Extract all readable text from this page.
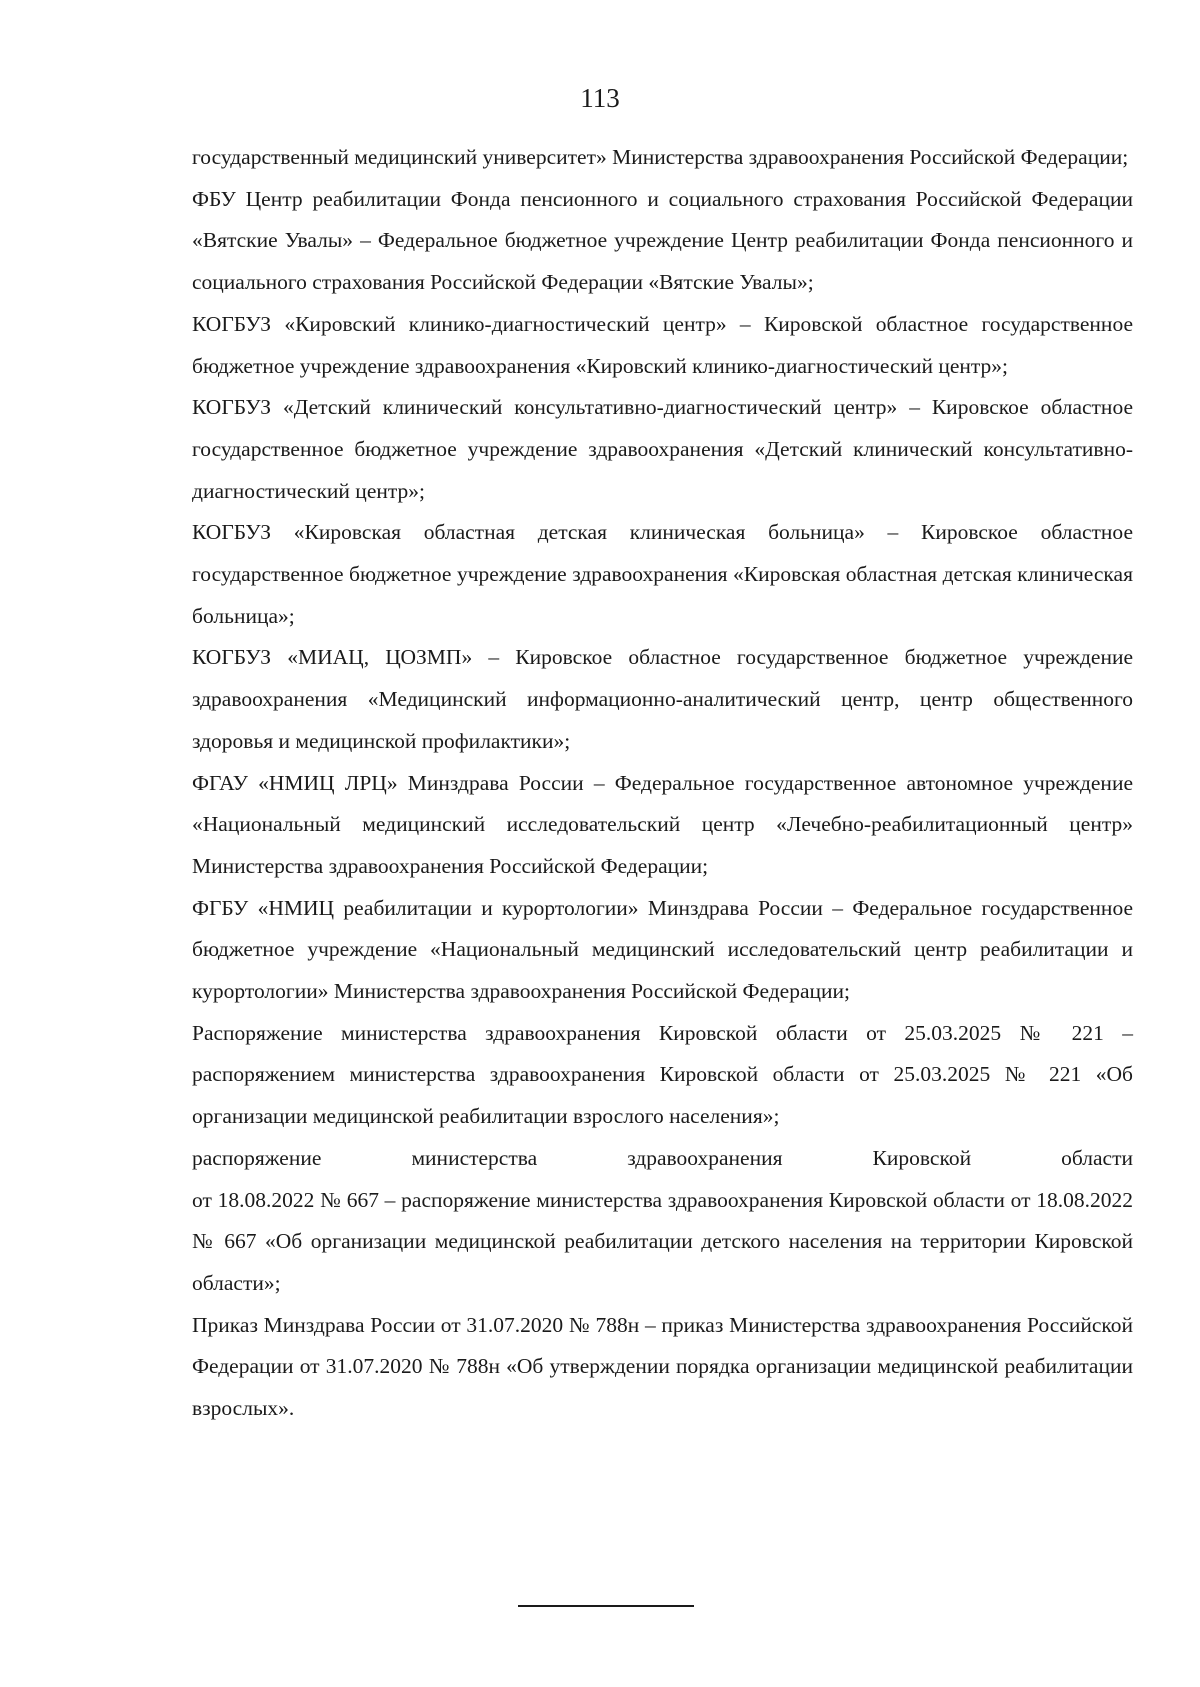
113

государственный медицинский университет» Министерства здравоохранения Российской Федерации;

ФБУ Центр реабилитации Фонда пенсионного и социального страхования Российской Федерации «Вятские Увалы» – Федеральное бюджетное учреждение Центр реабилитации Фонда пенсионного и социального страхования Российской Федерации «Вятские Увалы»;

КОГБУЗ «Кировский клинико-диагностический центр» – Кировской областное государственное бюджетное учреждение здравоохранения «Кировский клинико-диагностический центр»;

КОГБУЗ «Детский клинический консультативно-диагностический центр» – Кировское областное государственное бюджетное учреждение здравоохранения «Детский клинический консультативно-диагностический центр»;

КОГБУЗ «Кировская областная детская клиническая больница» – Кировское областное государственное бюджетное учреждение здравоохранения «Кировская областная детская клиническая больница»;

КОГБУЗ «МИАЦ, ЦОЗМП» – Кировское областное государственное бюджетное учреждение здравоохранения «Медицинский информационно-аналитический центр, центр общественного здоровья и медицинской профилактики»;

ФГАУ «НМИЦ ЛРЦ» Минздрава России – Федеральное государственное автономное учреждение «Национальный медицинский исследовательский центр «Лечебно-реабилитационный центр» Министерства здравоохранения Российской Федерации;

ФГБУ «НМИЦ реабилитации и курортологии» Минздрава России – Федеральное государственное бюджетное учреждение «Национальный медицинский исследовательский центр реабилитации и курортологии» Министерства здравоохранения Российской Федерации;

Распоряжение министерства здравоохранения Кировской области от 25.03.2025 № 221 – распоряжением министерства здравоохранения Кировской области от 25.03.2025 № 221 «Об организации медицинской реабилитации взрослого населения»;

распоряжение министерства здравоохранения Кировской области

от 18.08.2022 № 667 – распоряжение министерства здравоохранения Кировской области от 18.08.2022 № 667 «Об организации медицинской реабилитации детского населения на территории Кировской области»;

Приказ Минздрава России от 31.07.2020 № 788н – приказ Министерства здравоохранения Российской Федерации от 31.07.2020 № 788н «Об утверждении порядка организации медицинской реабилитации взрослых».
